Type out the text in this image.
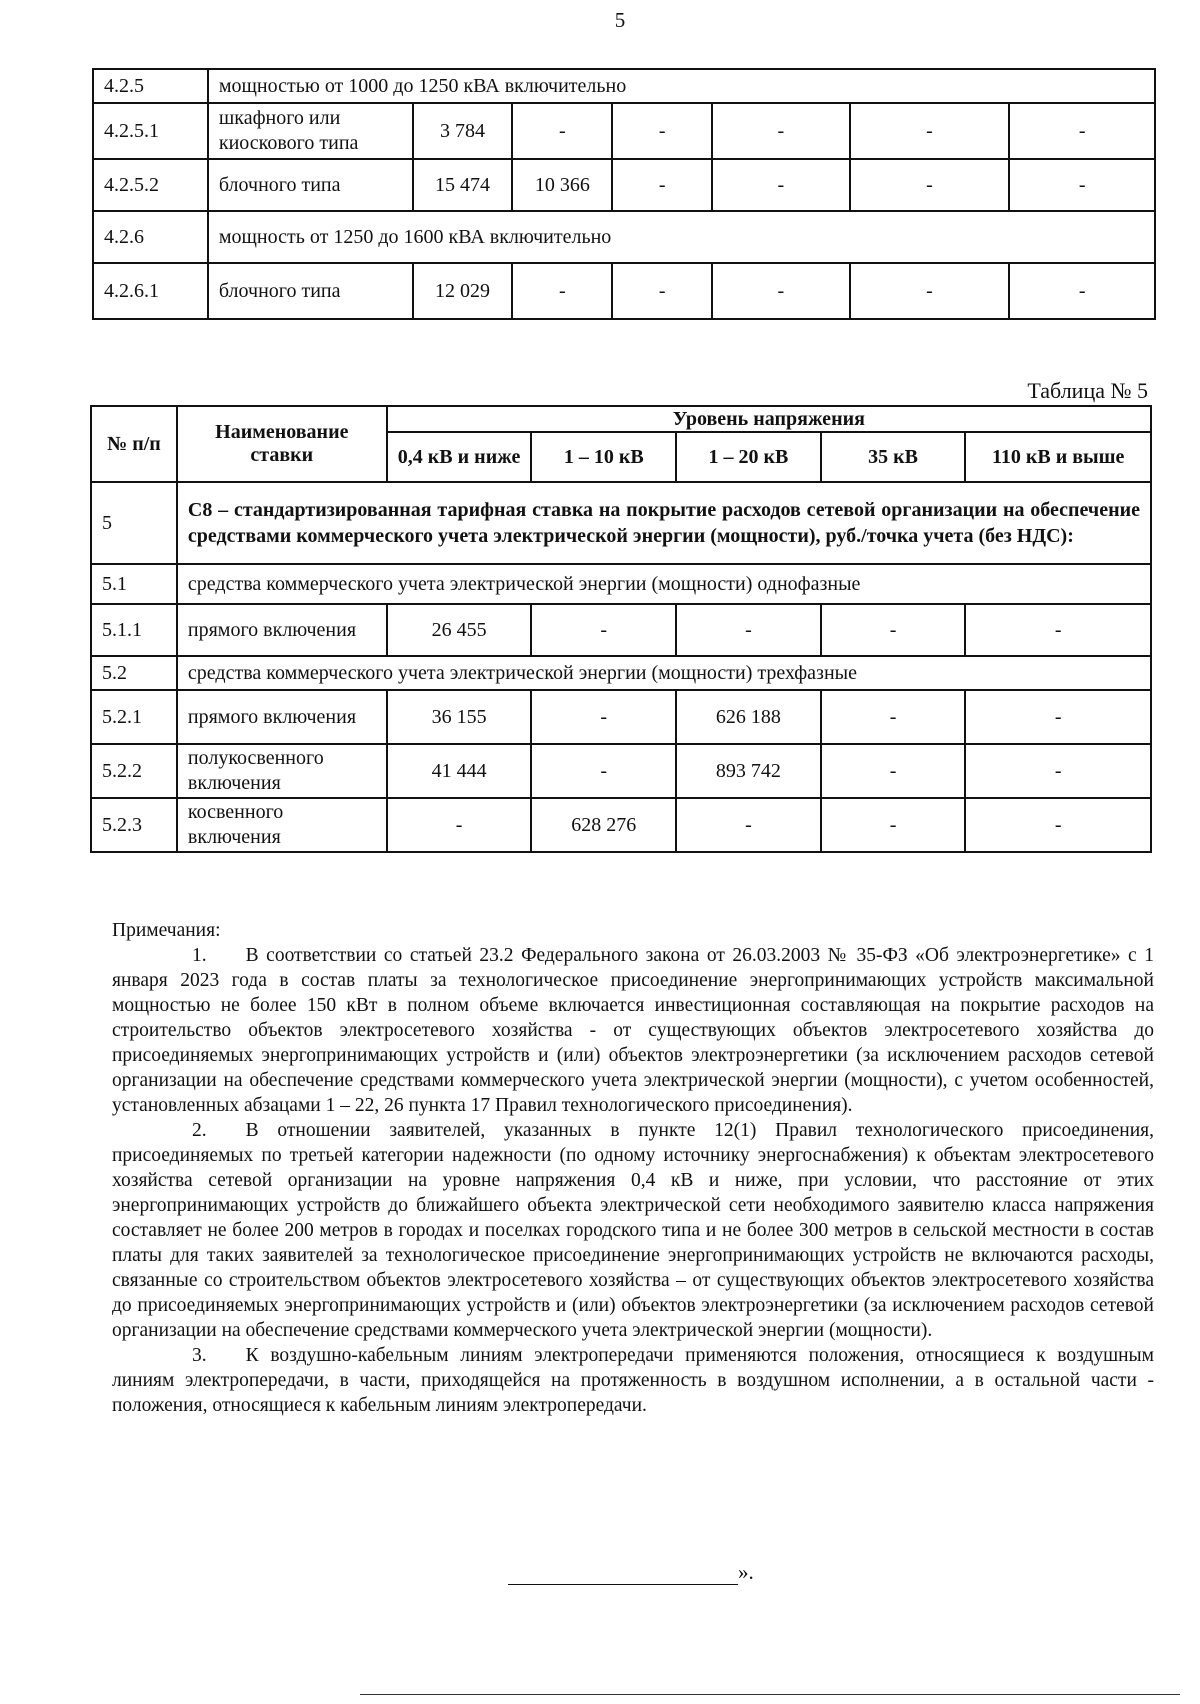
5
4.2.5	мощностью от 1000 до 1250 кВА включительно						
4.2.5.1	шкафного или киоскового типа	3 784	-	-	-	-	-
4.2.5.2	блочного типа	15 474	10 366	-	-	-	-
4.2.6	мощность от 1250 до 1600 кВА включительно						
4.2.6.1	блочного типа	12 029	-	-	-	-	-
Таблица № 5
№ п/п	Наименование ставки	Уровень напряжения				
		0,4 кВ и ниже	1 – 10 кВ	1 – 20 кВ	35 кВ	110 кВ и выше
5	С8 – стандартизированная тарифная ставка на покрытие расходов сетевой организации на обеспечение средствами коммерческого учета электрической энергии (мощности), руб./точка учета (без НДС):					
5.1	средства коммерческого учета электрической энергии (мощности) однофазные					
5.1.1	прямого включения	26 455	-	-	-	-
5.2	средства коммерческого учета электрической энергии (мощности) трехфазные					
5.2.1	прямого включения	36 155	-	626 188	-	-
5.2.2	полукосвенного включения	41 444	-	893 742	-	-
5.2.3	косвенного включения	-	628 276	-	-	-

Примечания:

1.  В соответствии со статьей 23.2 Федерального закона от 26.03.2003 № 35-ФЗ «Об электроэнергетике» с 1 января 2023 года в состав платы за технологическое присоединение энергопринимающих устройств максимальной мощностью не более 150 кВт в полном объеме включается инвестиционная составляющая на покрытие расходов на строительство объектов электросетевого хозяйства - от существующих объектов электросетевого хозяйства до присоединяемых энергопринимающих устройств и (или) объектов электроэнергетики (за исключением расходов сетевой организации на обеспечение средствами коммерческого учета электрической энергии (мощности), с учетом особенностей, установленных абзацами 1 – 22, 26 пункта 17 Правил технологического присоединения).

2.  В отношении заявителей, указанных в пункте 12(1) Правил технологического присоединения, присоединяемых по третьей категории надежности (по одному источнику энергоснабжения) к объектам электросетевого хозяйства сетевой организации на уровне напряжения 0,4 кВ и ниже, при условии, что расстояние от этих энергопринимающих устройств до ближайшего объекта электрической сети необходимого заявителю класса напряжения составляет не более 200 метров в городах и поселках городского типа и не более 300 метров в сельской местности в состав платы для таких заявителей за технологическое присоединение энергопринимающих устройств не включаются расходы, связанные со строительством объектов электросетевого хозяйства – от существующих объектов электросетевого хозяйства до присоединяемых энергопринимающих устройств и (или) объектов электроэнергетики (за исключением расходов сетевой организации на обеспечение средствами коммерческого учета электрической энергии (мощности).

3.  К воздушно-кабельным линиям электропередачи применяются положения, относящиеся к воздушным линиям электропередачи, в части, приходящейся на протяженность в воздушном исполнении, а в остальной части - положения, относящиеся к кабельным линиям электропередачи.

».
